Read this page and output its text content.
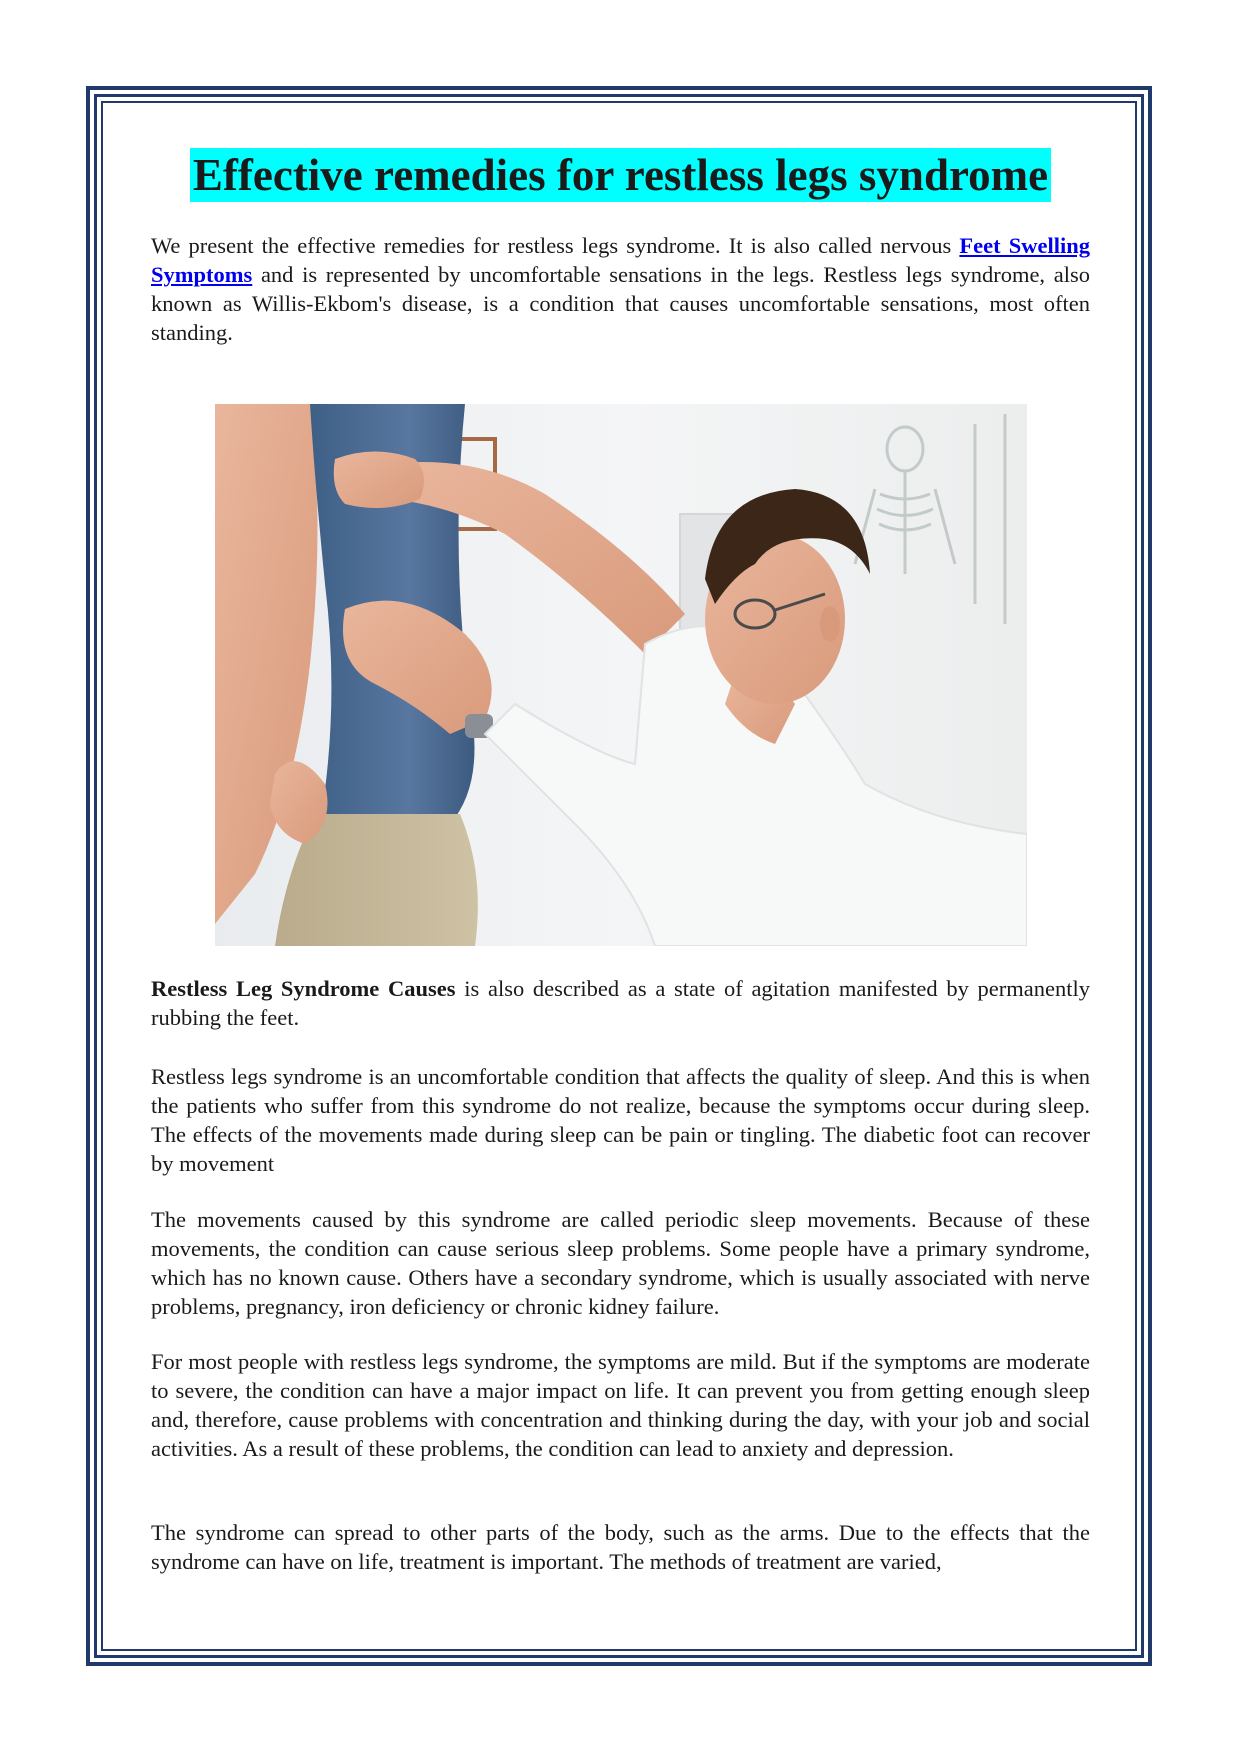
Effective remedies for restless legs syndrome

We present the effective remedies for restless legs syndrome. It is also called nervous Feet Swelling Symptoms and is represented by uncomfortable sensations in the legs. Restless legs syndrome, also known as Willis-Ekbom's disease, is a condition that causes uncomfortable sensations, most often standing.

Restless Leg Syndrome Causes is also described as a state of agitation manifested by permanently rubbing the feet.

Restless legs syndrome is an uncomfortable condition that affects the quality of sleep. And this is when the patients who suffer from this syndrome do not realize, because the symptoms occur during sleep. The effects of the movements made during sleep can be pain or tingling. The diabetic foot can recover by movement

The movements caused by this syndrome are called periodic sleep movements. Because of these movements, the condition can cause serious sleep problems. Some people have a primary syndrome, which has no known cause. Others have a secondary syndrome, which is usually associated with nerve problems, pregnancy, iron deficiency or chronic kidney failure.

For most people with restless legs syndrome, the symptoms are mild. But if the symptoms are moderate to severe, the condition can have a major impact on life. It can prevent you from getting enough sleep and, therefore, cause problems with concentration and thinking during the day, with your job and social activities. As a result of these problems, the condition can lead to anxiety and depression.

The syndrome can spread to other parts of the body, such as the arms. Due to the effects that the syndrome can have on life, treatment is important. The methods of treatment are varied,
